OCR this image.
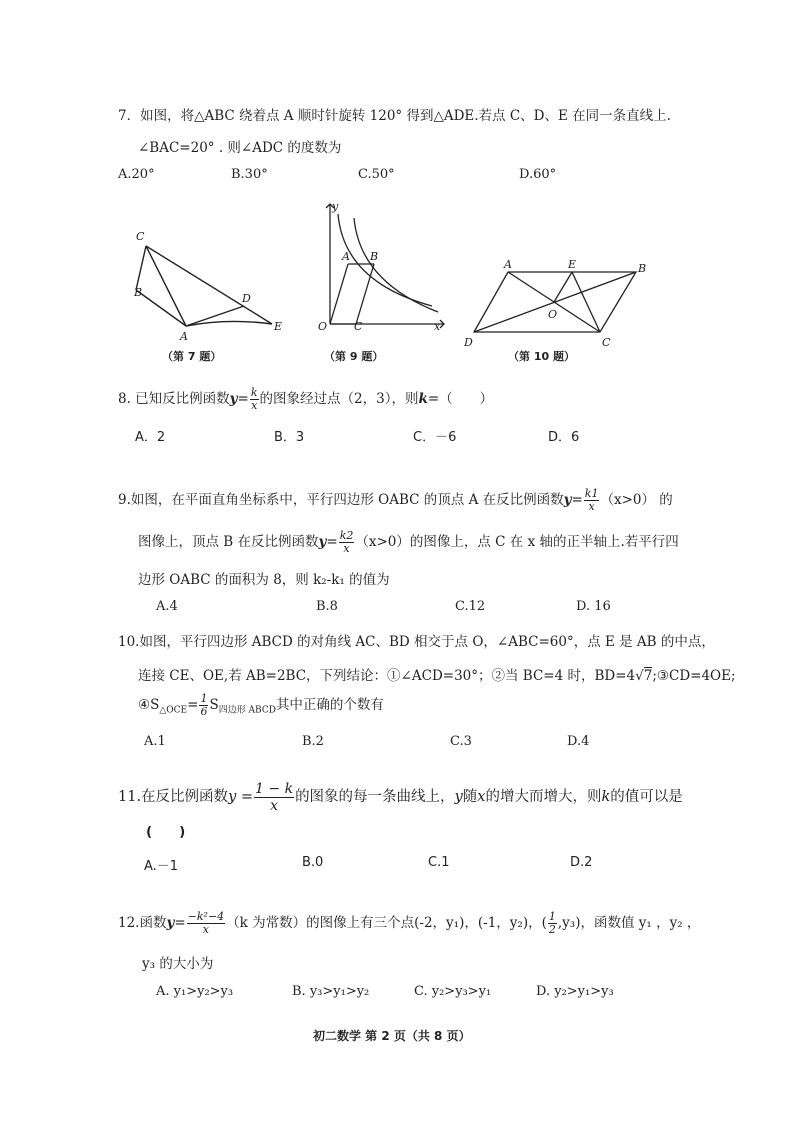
7．如图，将△ABC 绕着点 A 顺时针旋转 120° 得到△ADE.若点 C、D、E 在同一条直线上.
∠BAC=20° . 则∠ADC 的度数为
A.20°	B.30°	C.50°	D.60°
C
B
A
D
E
（第 7 题）
y
A B
O C	x
（第 9 题）
A	E	B
O
D	C
（第 10 题）
8. 已知反比例函数$y= \frac{k}{x}$ 的图象经过点（2，3），则k=（　　）
A．2	B．3	C．－6	D．6
9.如图，在平面直角坐标系中，平行四边形 OABC 的顶点 A 在反比例函数$y= \frac{k1}{x} (x>0)$ 的
图像上，顶点 B 在反比例函数$y= \frac{k2}{x} (x>0)$的图像上，点 C 在 x 轴的正半轴上.若平行四
边形 OABC 的面积为 8，则 k₂-k₁ 的值为
A.4	B.8	C.12	D. 16
10.如图，平行四边形 ABCD 的对角线 AC、BD 相交于点 O，∠ABC=60°，点 E 是 AB 的中点，
连接 CE、OE,若 AB=2BC，下列结论：①∠ACD=30°；②当 BC=4 时，BD=4√7;③CD=4OE;
$④S_{\triangle OCE}= \frac{1}{6} S_{四边形 ABCD}$其中正确的个数有
A.1	B.2	C.3	D.4
11.在反比例函数$y = \frac{1 - k}{x}$ 的图象的每一条曲线上，y随x的增大而增大，则k的值可以是
(　　)
A.－1	B.0	C.1	D.2
12.函数$y= \frac{\text{−k²−4}}{x} (k$ 为常数）的图像上有三个点(-2，y₁)，(-1，y₂)，( $\frac{1}{2} ,y_3$)，函数值 y₁ ，y₂ ，
y₃ 的大小为
A. y₁>y₂>y₃	B. y₃>y₁>y₂	C. y₂>y₃>y₁	D. y₂>y₁>y₃
初二数学 第 2 页（共 8 页）
